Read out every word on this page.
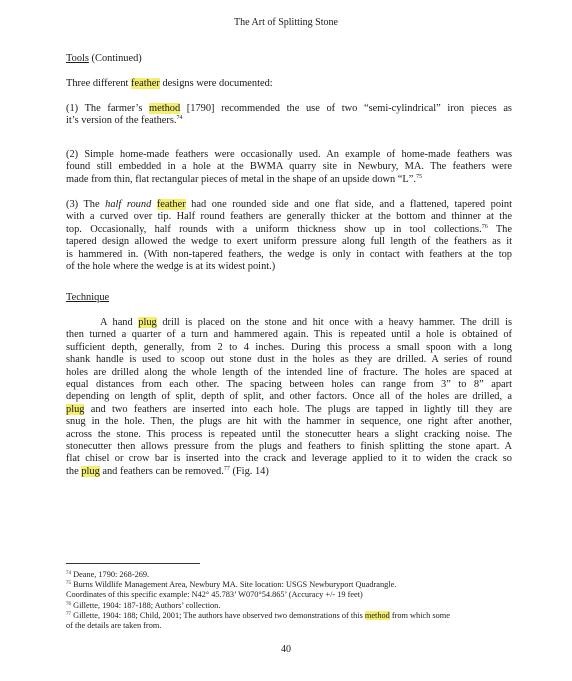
The Art of Splitting Stone
Tools (Continued)
Three different feather designs were documented:
(1) The farmer’s method [1790] recommended the use of two “semi-cylindrical” iron pieces as
it’s version of the feathers.$^{74}$
(2) Simple home-made feathers were occasionally used. An example of home-made feathers was
found still embedded in a hole at the BWMA quarry site in Newbury, MA. The feathers were
made from thin, flat rectangular pieces of metal in the shape of an upside down “L”.$^{75}$
(3) The half round feather had one rounded side and one flat side, and a flattened, tapered point
with a curved over tip. Half round feathers are generally thicker at the bottom and thinner at the
top. Occasionally, half rounds with a uniform thickness show up in tool collections.$^{76}$ The
tapered design allowed the wedge to exert uniform pressure along full length of the feathers as it
is hammered in. (With non-tapered feathers, the wedge is only in contact with feathers at the top
of the hole where the wedge is at its widest point.)
Technique
A hand plug drill is placed on the stone and hit once with a heavy hammer. The drill is
then turned a quarter of a turn and hammered again. This is repeated until a hole is obtained of
sufficient depth, generally, from 2 to 4 inches. During this process a small spoon with a long
shank handle is used to scoop out stone dust in the holes as they are drilled. A series of round
holes are drilled along the whole length of the intended line of fracture. The holes are spaced at
equal distances from each other. The spacing between holes can range from 3” to 8” apart
depending on length of split, depth of split, and other factors. Once all of the holes are drilled, a
plug and two feathers are inserted into each hole. The plugs are tapped in lightly till they are
snug in the hole. Then, the plugs are hit with the hammer in sequence, one right after another,
across the stone. This process is repeated until the stonecutter hears a slight cracking noise. The
stonecutter then allows pressure from the plugs and feathers to finish splitting the stone apart. A
flat chisel or crow bar is inserted into the crack and leverage applied to it to widen the crack so
the plug and feathers can be removed.$^{77}$ (Fig. 14)
$^{74}$ Deane, 1790: 268-269.
$^{75}$ Burns Wildlife Management Area, Newbury MA. Site location: USGS Newburyport Quadrangle.
Coordinates of this specific example: N42° 45.783’ W070°54.865’ (Accuracy +/- 19 feet)
$^{76}$ Gillette, 1904: 187-188; Authors’ collection.
$^{77}$ Gillette, 1904: 188; Child, 2001; The authors have observed two demonstrations of this method from which some
of the details are taken from.
40
